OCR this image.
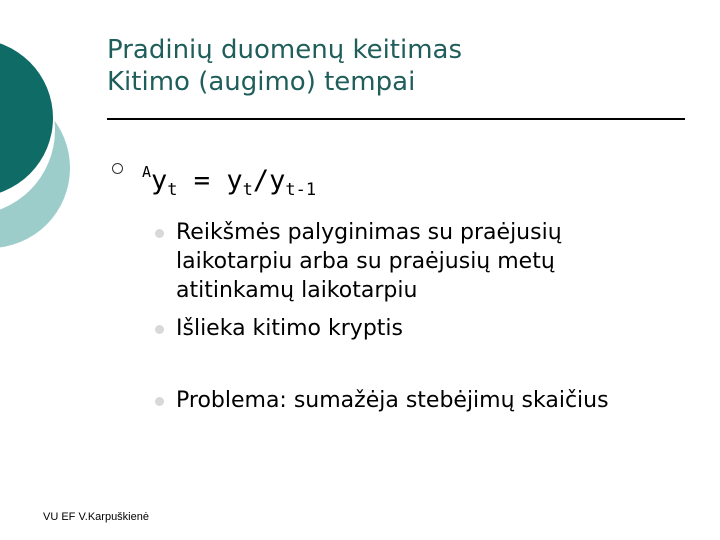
Pradinių duomenų keitimas
Kitimo (augimo) tempai
$^Ay_t = y_t/y_{t-1}$
Reikšmės palyginimas su praėjusių laikotarpiu arba su praėjusių metų atitinkamų laikotarpiu
Išlieka kitimo kryptis
Problema: sumažėja stebėjimų skaičius
VU EF V.Karpuškienė
